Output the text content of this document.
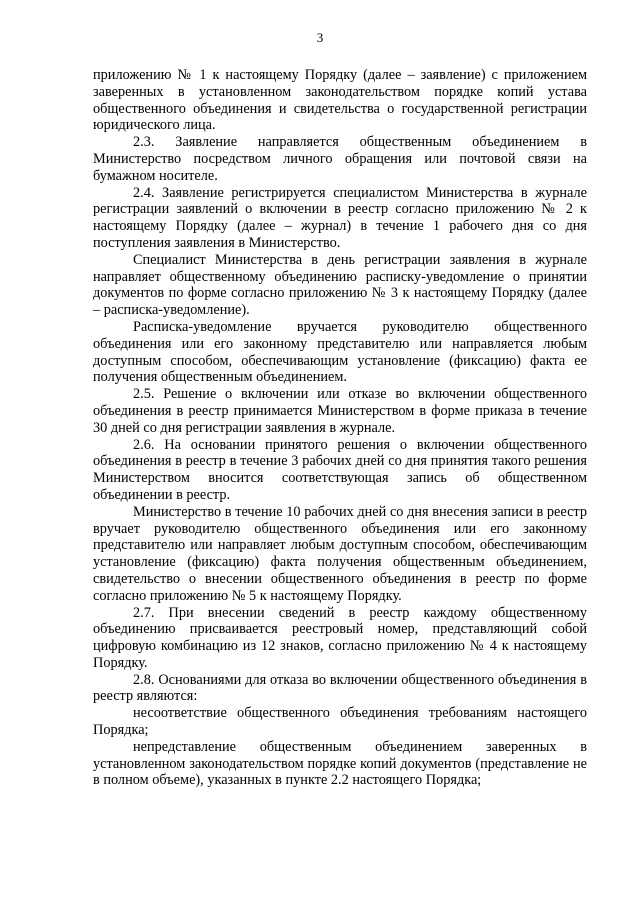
3

приложению № 1 к настоящему Порядку (далее – заявление) с приложением заверенных в установленном законодательством порядке копий устава общественного объединения и свидетельства о государственной регистрации юридического лица.

2.3. Заявление направляется общественным объединением в Министерство посредством личного обращения или почтовой связи на бумажном носителе.

2.4. Заявление регистрируется специалистом Министерства в журнале регистрации заявлений о включении в реестр согласно приложению № 2 к настоящему Порядку (далее – журнал) в течение 1 рабочего дня со дня поступления заявления в Министерство.

Специалист Министерства в день регистрации заявления в журнале направляет общественному объединению расписку-уведомление о принятии документов по форме согласно приложению № 3 к настоящему Порядку (далее – расписка-уведомление).

Расписка-уведомление вручается руководителю общественного объединения или его законному представителю или направляется любым доступным способом, обеспечивающим установление (фиксацию) факта ее получения общественным объединением.

2.5. Решение о включении или отказе во включении общественного объединения в реестр принимается Министерством в форме приказа в течение 30 дней со дня регистрации заявления в журнале.

2.6. На основании принятого решения о включении общественного объединения в реестр в течение 3 рабочих дней со дня принятия такого решения Министерством вносится соответствующая запись об общественном объединении в реестр.

Министерство в течение 10 рабочих дней со дня внесения записи в реестр вручает руководителю общественного объединения или его законному представителю или направляет любым доступным способом, обеспечивающим установление (фиксацию) факта получения общественным объединением, свидетельство о внесении общественного объединения в реестр по форме согласно приложению № 5 к настоящему Порядку.

2.7. При внесении сведений в реестр каждому общественному объединению присваивается реестровый номер, представляющий собой цифровую комбинацию из 12 знаков, согласно приложению № 4 к настоящему Порядку.

2.8. Основаниями для отказа во включении общественного объединения в реестр являются:

несоответствие общественного объединения требованиям настоящего Порядка;

непредставление общественным объединением заверенных в установленном законодательством порядке копий документов (представление не в полном объеме), указанных в пункте 2.2 настоящего Порядка;
